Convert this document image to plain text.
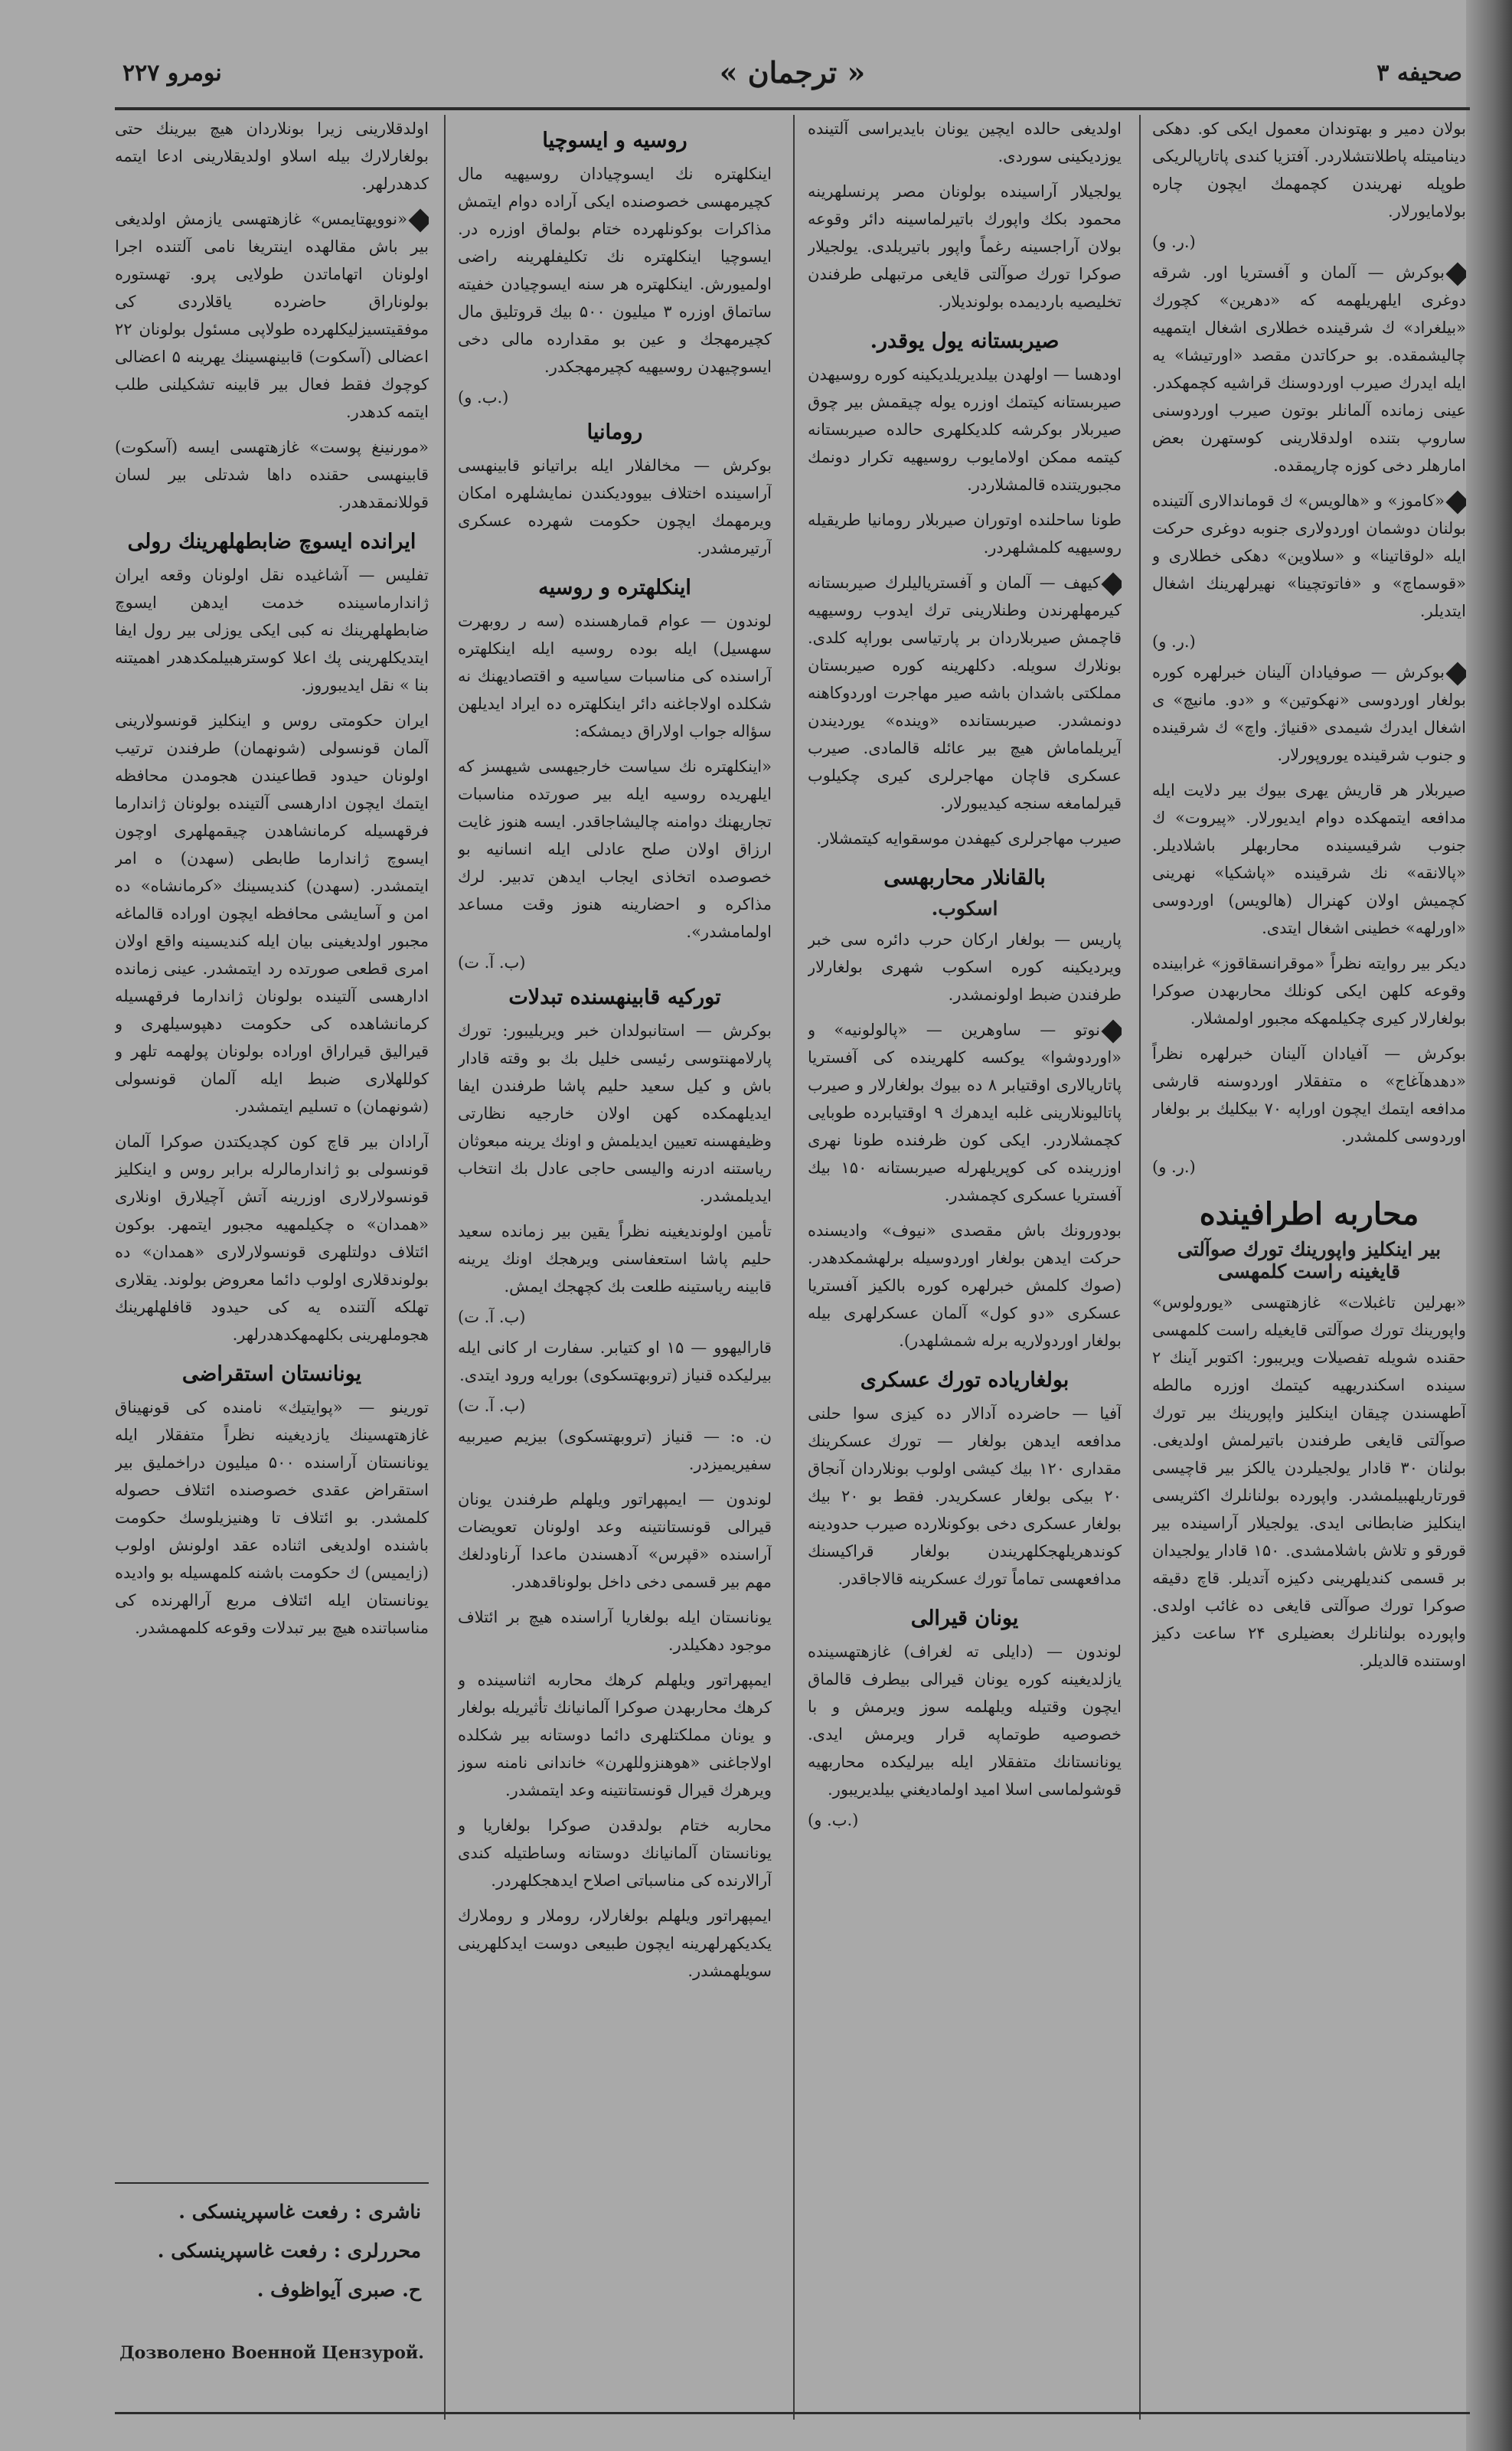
صحیفه ۳
« ترجمان »
نومرو ۲۲۷

بولان دمیر و بهتوندان معمول ایکی کو. دهکی دینامیتله پاطلانتشلاردر. آفتزیا کندی پاتارپالریکی طوپله نهریندن کچمهمك ایچون چاره بولامایورلار.

(ر. و.)

بوکرش — آلمان و آفستریا اور. شرقه دوغری ایلهریلهمه که «دهرین» کچورك «بیلغراد» ك شرقینده خطلاری اشغال ایتمهیه چالیشمقده. بو حرکاتدن مقصد «اورتیشا» یه ایله ایدرك صیرب اوردوسنك قراشیه کچمهکدر. عینی زمانده آلمانلر بوتون صیرب اوردوسنی ساروپ بتنده اولدقلارینی کوستهرن بعض امارهلر دخی کوزه چارپمقده.

«کاموز» و «هالویس» ك قوماندالاری آلتینده بولنان دوشمان اوردولاری جنوبه دوغری حرکت ایله «لوقاتینا» و «سلاوین» دهکی خطلاری و «قوسماچ» و «فاتوتچینا» نهیرلهرینك اشغال ایتدیلر.

(ر. و.)

بوکرش — صوفیادان آلینان خبرلهره کوره بولغار اوردوسی «نهکوتین» و «دو. مانیچ» ی اشغال ایدرك شیمدی «قنیاژ. واچ» ك شرقینده و جنوب شرقینده یوروپورلار.

صیربلار هر قاریش یهری بیوك بیر دلایت ایله مدافعه ایتمهکده دوام ایدیورلار. «پیروت» ك جنوب شرقیسینده محاربهلر باشلادیلر. «پالانقه» نك شرقینده «پاشکیا» نهرینی کچمیش اولان کهنرال (هالویس) اوردوسی «اورلهه» خطینی اشغال ایتدی.

دیکر بیر روایته نظراً «موقرانسقاقوز» غرابینده وقوعه کلهن ایکی کونلك محاربهدن صوکرا بولغارلار کیری چکیلمهکه مجبور اولمشلار.

بوکرش — آفیادان آلینان خبرلهره نظراً «دهدهآغاج» ه متفقلار اوردوسنه قارشی مدافعه ایتمك ایچون اوراپه ۷۰ بیکلیك بر بولغار اوردوسی کلمشدر.

(ر. و.)
محاربه اطرافینده
بیر اینکلیز واپورینك تورك صوآلتی قایغینه راست کلمهسی

«بهرلین تاغبلات» غازهتهسی «یورولوس» واپورینك تورك صوآلتی قایغیله راست کلمهسی حقنده شویله تفصیلات ویریبور: اکتوبر آینك ۲ سینده اسکندریهیه کیتمك اوزره مالطه آطهسندن چیقان اینکلیز واپورینك بیر تورك صوآلتی قایغی طرفندن باتیرلمش اولدیغی. بولنان ۳۰ قادار یولجیلردن یالکز بیر قاچیسی قورتاریلهبیلمشدر. واپورده بولنانلرك اکثریسی اینکلیز ضابطانی ایدی. یولجیلار آراسینده بیر قورقو و تلاش باشلامشدی. ۱۵۰ قادار یولجیدان بر قسمی کندیلهرینی دکیزه آتدیلر. قاچ دقیقه صوکرا تورك صوآلتی قایغی ده غائب اولدی. واپورده بولنانلرك بعضیلری ۲۴ ساعت دکیز اوستنده قالدیلر.

اولدیغی حالده ایچین یونان بایدیراسی آلتینده یوزدیکینی سوردی.

یولجیلار آراسینده بولونان مصر پرنسلهرینه محمود بکك واپورك باتیرلماسینه دائر وقوعه بولان آراجسینه رغماً واپور باتیریلدی. یولجیلار صوکرا تورك صوآلتی قایغی مرتبهلی طرفندن تخلیصیه باردیمده بولوندیلار.

صیربستانه یول یوقدر.

اودهسا — اولهدن بیلدیریلدیکینه کوره روسیهدن صیربستانه کیتمك اوزره یوله چیقمش بیر چوق صیربلار بوکرشه کلدیکلهری حالده صیربستانه کیتمه ممکن اولامایوب روسیهیه تکرار دونمك مجبوریتنده قالمشلاردر.

طونا ساحلنده اوتوران صیربلار رومانیا طریقیله روسیهیه کلمشلهردر.

کیهف — آلمان و آفستریالیلرك صیربستانه کیرمهلهرندن وطنلارینی ترك ایدوب روسیهیه قاچمش صیربلاردان بر پارتیاسی بوراپه کلدی. بونلارك سویله. دکلهرینه کوره صیربستان مملکتی باشدان باشه صیر مهاجرت اوردوکاهنه دونمشدر. صیربستانده «وینده» یوردیندن آیریلماماش هیچ بیر عائله قالمادی. صیرب عسکری قاچان مهاجرلری کیری چکیلوب قیرلمامغه سنجه کیدیبورلار.

صیرب مهاجرلری کیهفدن موسقوایه کیتمشلار.

بالقانلار محاربهسی
اسکوب.

پاریس — بولغار ارکان حرب دائره سی خبر ویردیکینه کوره اسکوب شهری بولغارلار طرفندن ضبط اولونمشدر.

نوتو — ساوهرین — «پالولونیه» و «اوردوشوا» یوکسه کلهرینده کی آفستریا پاتاریالاری اوقتیابر ۸ ده بیوك بولغارلار و صیرب پاتالیونلارینی غلبه ایدهرك ۹ اوقتیابرده طوبایی کچمشلاردر. ایکی کون ظرفنده طونا نهری اوزرینده کی کوپریلهرله صیربستانه ۱۵۰ بیك آفستریا عسکری کچمشدر.

بودورونك باش مقصدی «نیوف» وادیسنده حرکت ایدهن بولغار اوردوسیله برلهشمکدهدر. (صوك کلمش خبرلهره کوره بالکیز آفستریا عسکری «دو کول» آلمان عسکرلهری بیله بولغار اوردولاریه برله شمشلهدر).

بولغاریاده تورك عسکری

آفیا — حاضرده آدالار ده کیزی سوا حلنی مدافعه ایدهن بولغار — تورك عسکرینك مقداری ۱۲۰ بیك کیشی اولوب بونلاردان آنجاق ۲۰ بیکی بولغار عسکریدر. فقط بو ۲۰ بیك بولغار عسکری دخی بوکونلارده صیرب حدودینه کوندهریلهجکلهریندن بولغار قراکیسنك مدافعهسی تماماً تورك عسکرینه قالاجاقدر.

یونان قیرالی

لوندون — (دایلی ته لغراف) غازهتهسینده یازلدیغینه کوره یونان قیرالی بیطرف قالماق ایچون وقتیله ویلهلمه سوز ویرمش و با خصوصیه طوتماپه قرار ویرمش ایدی. یونانستانك متفقلار ایله بیرلیکده محاربهیه قوشولماسی اسلا امید اولماديغني بيلديريبور.

(ب. و.)
روسیه و ایسوچیا

اینکلهتره نك ایسوچیادان روسیهیه مال کچیرمهسی خصوصنده ایکی آراده دوام ایتمش مذاکرات بوکونلهرده ختام بولماق اوزره در. ایسوچیا اینکلهتره نك تکلیفلهرینه راضی اولمیورش. اینکلهتره هر سنه ایسوچیادن خفیته ساتماق اوزره ۳ میلیون ۵۰۰ بیك قروتلیق مال کچیرمهجك و عین بو مقدارده مالی دخی ایسوچیهدن روسیهیه کچیرمهجکدر.

(ب. و.)
رومانیا

بوکرش — مخالفلار ایله براتیانو قابینهسی آراسینده اختلاف بیوودیکندن نمایشلهره امکان ویرمهمك ایچون حکومت شهرده عسکری آرتیرمشدر.

اینکلهتره و روسیه

لوندون — عوام قمارهسنده (سه ر روبهرت سهسیل) ایله بوده روسیه ایله اینکلهتره آراسنده کی مناسبات سیاسیه و اقتصادیهنك نه شکلده اولاجاغنه دائر اینکلهتره ده ایراد ایدیلهن سؤاله جواب اولاراق دیمشکه:

«اینکلهتره نك سیاست خارجیهسی شیهسز که ایلهریده روسیه ایله بیر صورتده مناسبات تجاریهنك دوامنه چالیشاجاقدر. ایسه هنوز غایت ارزاق اولان صلح عادلی ایله انسانیه بو خصوصده اتخاذی ایجاب ایدهن تدبیر. لرك مذاکره و احضارینه هنوز وقت مساعد اولمامشدر».

(ب. آ. ت)
تورکیه قابینهسنده تبدلات

بوکرش — استانبولدان خبر ویریلیبور: تورك پارلامهنتوسی رئیسی خلیل بك بو وقته قادار باش و کیل سعید حلیم پاشا طرفندن ایفا ایدیلهمکده کهن اولان خارجیه نظارتی وظیفهسنه تعیین ایدیلمش و اونك یرینه مبعوثان ریاستنه ادرنه والیسی حاجی عادل بك انتخاب ایدیلمشدر.

تأمین اولوندیغینه نظراً یقین بیر زمانده سعید حلیم پاشا استعفاسنی ویرهجك اونك یرینه قابینه ریاستینه طلعت بك کچهجك ایمش.

(ب. آ. ت)

قارالیهوو — ۱۵ او کتیابر. سفارت ار کانی ایله بیرلیکده قنیاز (تروبهتسکوی) بورایه ورود ایتدی.

(ب. آ. ت)

ن. ه: — قنیاز (تروبهتسکوی) بیزیم صیربیه سفیریمیزدر.

لوندون — ایمپهراتور ویلهلم طرفندن یونان قیرالی قونستانتینه وعد اولونان تعویضات آراسنده «قپرس» آدهسندن ماعدا آرناودلغك مهم بیر قسمی دخی داخل بولوناقدهدر.

یونانستان ایله بولغاریا آراسنده هیچ بر ائتلاف موجود دهکیلدر.

ایمپهراتور ویلهلم کرهك محاربه اثناسینده و کرهك محاربهدن صوکرا آلمانیانك تأثیریله بولغار و یونان مملکتلهری دائما دوستانه بیر شکلده اولاجاغنی «هوهنزوللهرن» خاندانی نامنه سوز ویرهرك قیرال قونستانتینه وعد ایتمشدر.

محاربه ختام بولدقدن صوکرا بولغاریا و یونانستان آلمانیانك دوستانه وساطتیله کندی آرالارنده کی مناسباتی اصلاح ایدهجکلهردر.

ایمپهراتور ویلهلم بولغارلار، روملار و روملارك یکدیکهرلهرینه ایچون طبیعی دوست ایدکلهرینی سویلهمشدر.

اولدقلارینی زیرا بونلاردان هیچ بیرینك حتی بولغارلارك بیله اسلاو اولدیقلارینی ادعا ایتمه کدهدرلهر.

«نوویهتایمس» غازهتهسی یازمش اولدیغی بیر باش مقالهده اینتریغا نامی آلتنده اجرا اولونان اتهاماتدن طولایی پرو. تهستوره بولوناراق حاضرده یاقلاردی کی موفقیتسیزلیکلهرده طولاپی مسئول بولونان ۲۲ اعضالی (آسکوت) قابینهسینك یهرینه ۵ اعضالی کوچوك فقط فعال بیر قابینه تشکیلنی طلب ایتمه کدهدر.

«مورنینغ پوست» غازهتهسی ایسه (آسکوت) قابینهسی حقنده داها شدتلی بیر لسان قوللانمقدهدر.

ایرانده ایسوچ ضابطهلهرینك رولی

تفلیس — آشاغیده نقل اولونان وقعه ایران ژاندارماسینده خدمت ایدهن ایسوچ ضابطهلهرینك نه کبی ایکی یوزلی بیر رول ایفا ایتدیکلهرینی پك اعلا کوسترهبیلمکدهدر اهمیتنه بنا » نقل ایدیبوروز.

ایران حکومتی روس و اینکلیز قونسولارینی آلمان قونسولی (شونهمان) طرفندن ترتیب اولونان حیدود قطاعیندن هجومدن محافظه ایتمك ایچون ادارهسی آلتینده بولونان ژاندارما فرقهسیله کرمانشاهدن چیقمهلهری اوچون ایسوچ ژاندارما طابطی (سهدن) ه امر ایتمشدر. (سهدن) کندیسینك «کرمانشاه» ده امن و آسایشی محافظه ایچون اوراده قالماغه مجبور اولدیغینی بیان ایله کندیسینه واقع اولان امری قطعی صورتده رد ایتمشدر. عینی زمانده ادارهسی آلتینده بولونان ژاندارما فرقهسیله کرمانشاهده کی حکومت دهپوسیلهری و قیرالیق قیراراق اوراده بولونان پولهمه تلهر و کوللهلاری ضبط ایله آلمان قونسولی (شونهمان) ه تسلیم ایتمشدر.

آرادان بیر قاچ کون کچدیکتدن صوکرا آلمان قونسولی بو ژاندارمالرله برابر روس و اینکلیز قونسولارلاری اوزرینه آتش آچیلارق اونلاری «همدان» ه چکیلمهیه مجبور ایتمهر. بوکون ائتلاف دولتلهری قونسولارلاری «همدان» ده بولوندقلاری اولوب دائما معروض بولوند. یقلاری تهلکه آلتنده یه کی حیدود قافلهلهرینك هجوملهرینی بکلهمهکدهدرلهر.

یونانستان استقراضی

تورینو — «پوایتیك» نامنده کی قونهیناق غازهتهسینك یازدیغینه نظراً متفقلار ایله یونانستان آراسنده ۵۰۰ میلیون دراخملیق بیر استقراض عقدی خصوصنده ائتلاف حصوله کلمشدر. بو ائتلاف تا وهنیزیلوسك حکومت باشنده اولدیغی اثناده عقد اولونش اولوب (زایمیس) ك حکومت باشنه کلمهسیله بو وادیده یونانستان ایله ائتلاف مربع آرالهرنده کی مناسباتنده هیچ بیر تبدلات وقوعه کلمهمشدر.

ناشری : رفعت غاسپرینسکی .
محررلری : رفعت غاسپرینسکی .
ح. صبری آیواظوف .
Дозволено Военной Цензурой.
